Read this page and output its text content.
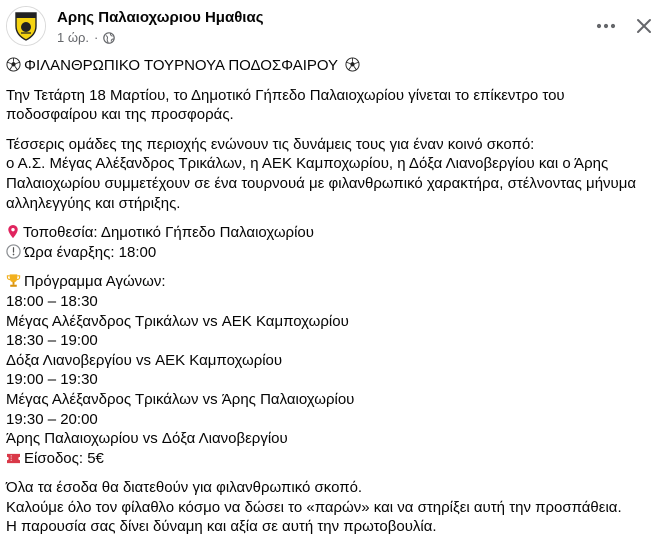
Αρης Παλαιοχωριου Ημαθιας
1 ώρ. ·
ΦΙΛΑΝΘΡΩΠΙΚΟ ΤΟΥΡΝΟΥΑ ΠΟΔΟΣΦΑΙΡΟΥ
Την Τετάρτη 18 Μαρτίου, το Δημοτικό Γήπεδο Παλαιοχωρίου γίνεται το επίκεντρο του
ποδοσφαίρου και της προσφοράς.
Τέσσερις ομάδες της περιοχής ενώνουν τις δυνάμεις τους για έναν κοινό σκοπό:
ο Α.Σ. Μέγας Αλέξανδρος Τρικάλων, η ΑΕΚ Καμποχωρίου, η Δόξα Λιανοβεργίου και ο Άρης
Παλαιοχωρίου συμμετέχουν σε ένα τουρνουά με φιλανθρωπικό χαρακτήρα, στέλνοντας μήνυμα
αλληλεγγύης και στήριξης.
Τοποθεσία: Δημοτικό Γήπεδο Παλαιοχωρίου
Ώρα έναρξης: 18:00
Πρόγραμμα Αγώνων:
18:00 – 18:30
Μέγας Αλέξανδρος Τρικάλων vs ΑΕΚ Καμποχωρίου
18:30 – 19:00
Δόξα Λιανοβεργίου vs ΑΕΚ Καμποχωρίου
19:00 – 19:30
Μέγας Αλέξανδρος Τρικάλων vs Άρης Παλαιοχωρίου
19:30 – 20:00
Άρης Παλαιοχωρίου vs Δόξα Λιανοβεργίου
Είσοδος: 5€
Όλα τα έσοδα θα διατεθούν για φιλανθρωπικό σκοπό.
Καλούμε όλο τον φίλαθλο κόσμο να δώσει το «παρών» και να στηρίξει αυτή την προσπάθεια.
Η παρουσία σας δίνει δύναμη και αξία σε αυτή την πρωτοβουλία.
